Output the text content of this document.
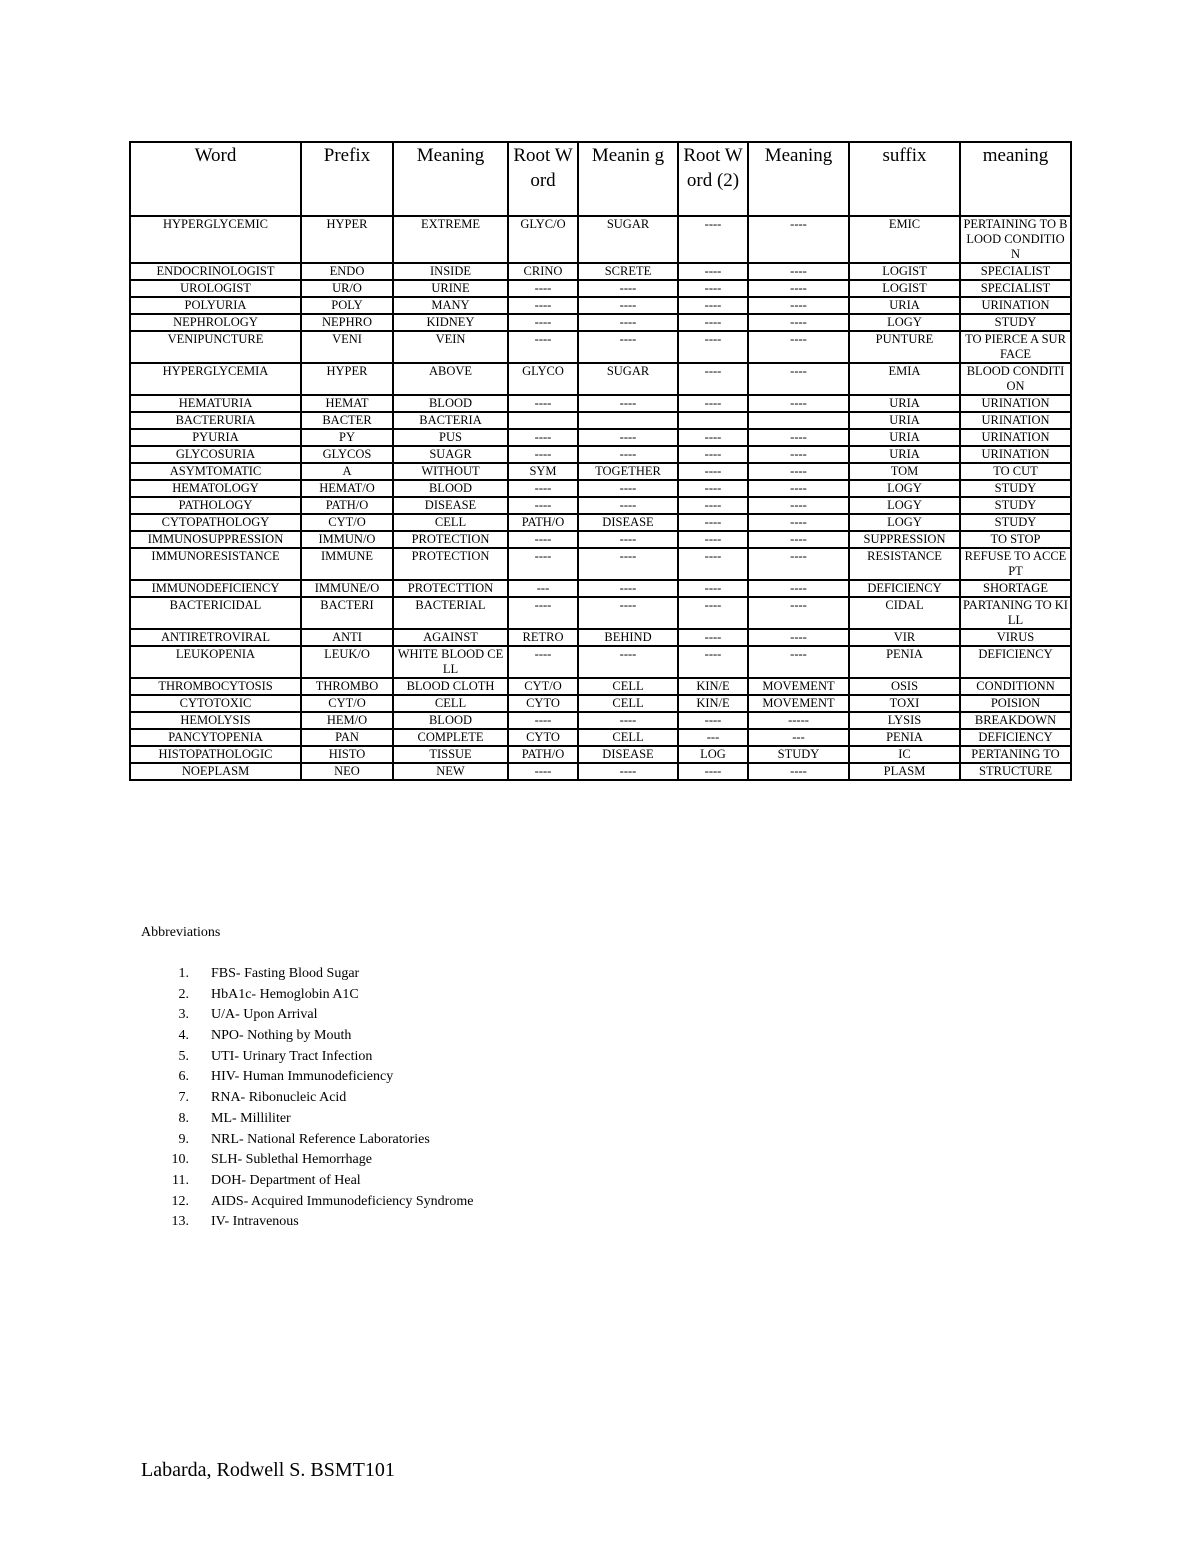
Word	Prefix	Meaning	Root Word	Meanin g	Root Word (2)	Meaning	suffix	meaning
HYPERGLYCEMIC	HYPER	EXTREME	GLYC/O	SUGAR	----	----	EMIC	PERTAINING TO BLOOD CONDITION
ENDOCRINOLOGIST	ENDO	INSIDE	CRINO	SCRETE	----	----	LOGIST	SPECIALIST
UROLOGIST	UR/O	URINE	----	----	----	----	LOGIST	SPECIALIST
POLYURIA	POLY	MANY	----	----	----	----	URIA	URINATION
NEPHROLOGY	NEPHRO	KIDNEY	----	----	----	----	LOGY	STUDY
VENIPUNCTURE	VENI	VEIN	----	----	----	----	PUNTURE	TO PIERCE A SURFACE
HYPERGLYCEMIA	HYPER	ABOVE	GLYCO	SUGAR	----	----	EMIA	BLOOD CONDITION
HEMATURIA	HEMAT	BLOOD	----	----	----	----	URIA	URINATION
BACTERURIA	BACTER	BACTERIA					URIA	URINATION
PYURIA	PY	PUS	----	----	----	----	URIA	URINATION
GLYCOSURIA	GLYCOS	SUAGR	----	----	----	----	URIA	URINATION
ASYMTOMATIC	A	WITHOUT	SYM	TOGETHER	----	----	TOM	TO CUT
HEMATOLOGY	HEMAT/O	BLOOD	----	----	----	----	LOGY	STUDY
PATHOLOGY	PATH/O	DISEASE	----	----	----	----	LOGY	STUDY
CYTOPATHOLOGY	CYT/O	CELL	PATH/O	DISEASE	----	----	LOGY	STUDY
IMMUNOSUPPRESSION	IMMUN/O	PROTECTION	----	----	----	----	SUPPRESSION	TO STOP
IMMUNORESISTANCE	IMMUNE	PROTECTION	----	----	----	----	RESISTANCE	REFUSE TO ACCEPT
IMMUNODEFICIENCY	IMMUNE/O	PROTECTTION	---	----	----	----	DEFICIENCY	SHORTAGE
BACTERICIDAL	BACTERI	BACTERIAL	----	----	----	----	CIDAL	PARTANING TO KILL
ANTIRETROVIRAL	ANTI	AGAINST	RETRO	BEHIND	----	----	VIR	VIRUS
LEUKOPENIA	LEUK/O	WHITE BLOOD CELL	----	----	----	----	PENIA	DEFICIENCY
THROMBOCYTOSIS	THROMBO	BLOOD CLOTH	CYT/O	CELL	KIN/E	MOVEMENT	OSIS	CONDITIONN
CYTOTOXIC	CYT/O	CELL	CYTO	CELL	KIN/E	MOVEMENT	TOXI	POISION
HEMOLYSIS	HEM/O	BLOOD	----	----	----	-----	LYSIS	BREAKDOWN
PANCYTOPENIA	PAN	COMPLETE	CYTO	CELL	---	---	PENIA	DEFICIENCY
HISTOPATHOLOGIC	HISTO	TISSUE	PATH/O	DISEASE	LOG	STUDY	IC	PERTANING TO
NOEPLASM	NEO	NEW	----	----	----	----	PLASM	STRUCTURE

Abbreviations

1. FBS- Fasting Blood Sugar
2. HbA1c- Hemoglobin A1C
3. U/A- Upon Arrival
4. NPO- Nothing by Mouth
5. UTI- Urinary Tract Infection
6. HIV- Human Immunodeficiency
7. RNA- Ribonucleic Acid
8. ML- Milliliter
9. NRL- National Reference Laboratories
10. SLH- Sublethal Hemorrhage
11. DOH- Department of Heal
12. AIDS- Acquired Immunodeficiency Syndrome
13. IV- Intravenous

Labarda, Rodwell S. BSMT101
